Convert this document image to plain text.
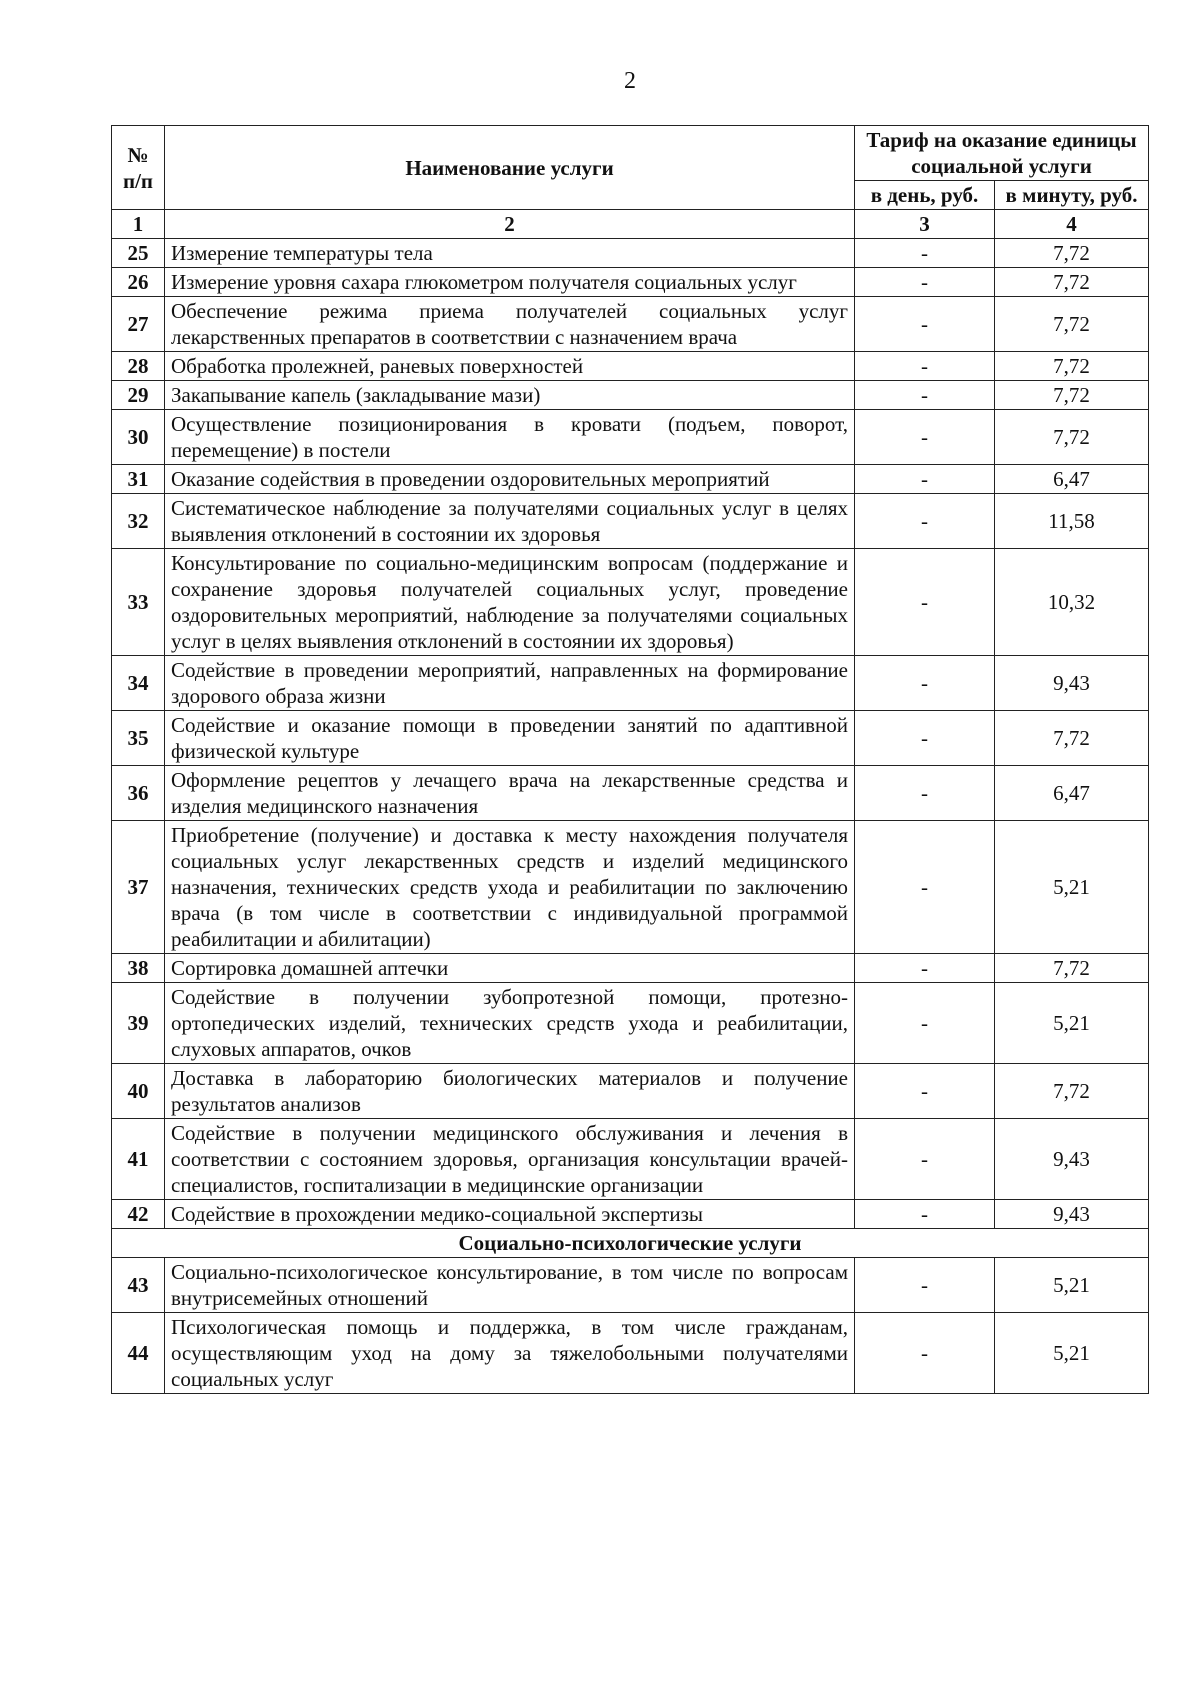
2
№ п/п	Наименование услуги	Тариф на оказание единицы социальной услуги	
		в день, руб.	в минуту, руб.
1	2	3	4
25	Измерение температуры тела	-	7,72
26	Измерение уровня сахара глюкометром получателя социальных услуг	-	7,72
27	Обеспечение режима приема получателей социальных услуг лекарственных препаратов в соответствии с назначением врача	-	7,72
28	Обработка пролежней, раневых поверхностей	-	7,72
29	Закапывание капель (закладывание мази)	-	7,72
30	Осуществление позиционирования в кровати (подъем, поворот, перемещение) в постели	-	7,72
31	Оказание содействия в проведении оздоровительных мероприятий	-	6,47
32	Систематическое наблюдение за получателями социальных услуг в целях выявления отклонений в состоянии их здоровья	-	11,58
33	Консультирование по социально-медицинским вопросам (поддержание и сохранение здоровья получателей социальных услуг, проведение оздоровительных мероприятий, наблюдение за получателями социальных услуг в целях выявления отклонений в состоянии их здоровья)	-	10,32
34	Содействие в проведении мероприятий, направленных на формирование здорового образа жизни	-	9,43
35	Содействие и оказание помощи в проведении занятий по адаптивной физической культуре	-	7,72
36	Оформление рецептов у лечащего врача на лекарственные средства и изделия медицинского назначения	-	6,47
37	Приобретение (получение) и доставка к месту нахождения получателя социальных услуг лекарственных средств и изделий медицинского назначения, технических средств ухода и реабилитации по заключению врача (в том числе в соответствии с индивидуальной программой реабилитации и абилитации)	-	5,21
38	Сортировка домашней аптечки	-	7,72
39	Содействие в получении зубопротезной помощи, протезно-ортопедических изделий, технических средств ухода и реабилитации, слуховых аппаратов, очков	-	5,21
40	Доставка в лабораторию биологических материалов и получение результатов анализов	-	7,72
41	Содействие в получении медицинского обслуживания и лечения в соответствии с состоянием здоровья, организация консультации врачей-специалистов, госпитализации в медицинские организации	-	9,43
42	Содействие в прохождении медико-социальной экспертизы	-	9,43
Социально-психологические услуги			
43	Социально-психологическое консультирование, в том числе по вопросам внутрисемейных отношений	-	5,21
44	Психологическая помощь и поддержка, в том числе гражданам, осуществляющим уход на дому за тяжелобольными получателями социальных услуг	-	5,21
